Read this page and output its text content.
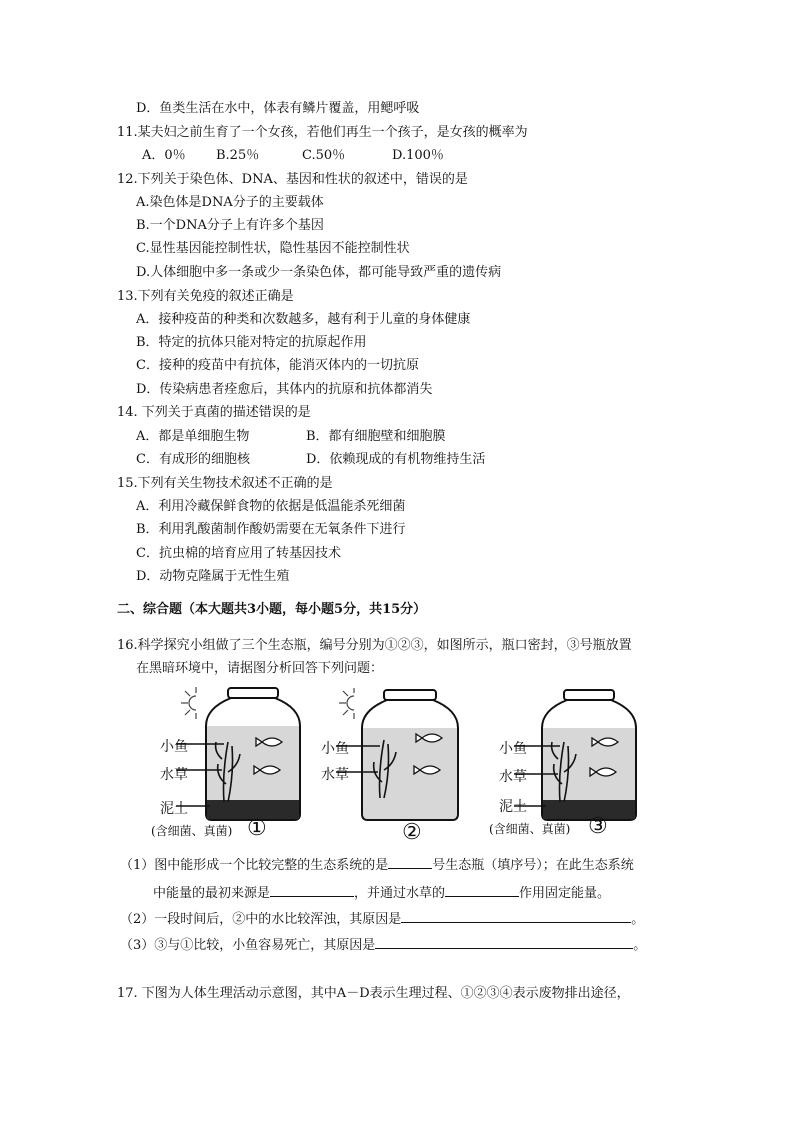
D．鱼类生活在水中，体表有鳞片覆盖，用鳃呼吸
11.某夫妇之前生育了一个女孩，若他们再生一个孩子，是女孩的概率为
A．0％ B.25％	C.50％	D.100％
12.下列关于染色体、DNA、基因和性状的叙述中，错误的是
A.染色体是DNA分子的主要载体
B.一个DNA分子上有许多个基因
C.显性基因能控制性状，隐性基因不能控制性状
D.人体细胞中多一条或少一条染色体，都可能导致严重的遗传病
13.下列有关免疫的叙述正确是
A．接种疫苗的种类和次数越多，越有利于儿童的身体健康
B．特定的抗体只能对特定的抗原起作用
C．接种的疫苗中有抗体，能消灭体内的一切抗原
D．传染病患者痊愈后，其体内的抗原和抗体都消失
14. 下列关于真菌的描述错误的是
A．都是单细胞生物	B．都有细胞壁和细胞膜
C．有成形的细胞核	D．依赖现成的有机物维持生活
15.下列有关生物技术叙述不正确的是
A．利用冷藏保鲜食物的依据是低温能杀死细菌
B．利用乳酸菌制作酸奶需要在无氧条件下进行
C．抗虫棉的培育应用了转基因技术
D．动物克隆属于无性生殖
二、综合题（本大题共3小题，每小题5分，共15分）
16.科学探究小组做了三个生态瓶，编号分别为①②③，如图所示，瓶口密封，③号瓶放置
在黑暗环境中，请据图分析回答下列问题：
小鱼
水草
泥土
(含细菌、真菌) ①
小鱼
水草
②
小鱼
水草
泥土
(含细菌、真菌) ③
（1）图中能形成一个比较完整的生态系统的是	号生态瓶（填序号）；在此生态系统
中能量的最初来源是	，并通过水草的	作用固定能量。
（2）一段时间后，②中的水比较浑浊，其原因是	。
（3）③与①比较，小鱼容易死亡，其原因是	。
17. 下图为人体生理活动示意图，其中A－D表示生理过程、①②③④表示废物排出途径，
